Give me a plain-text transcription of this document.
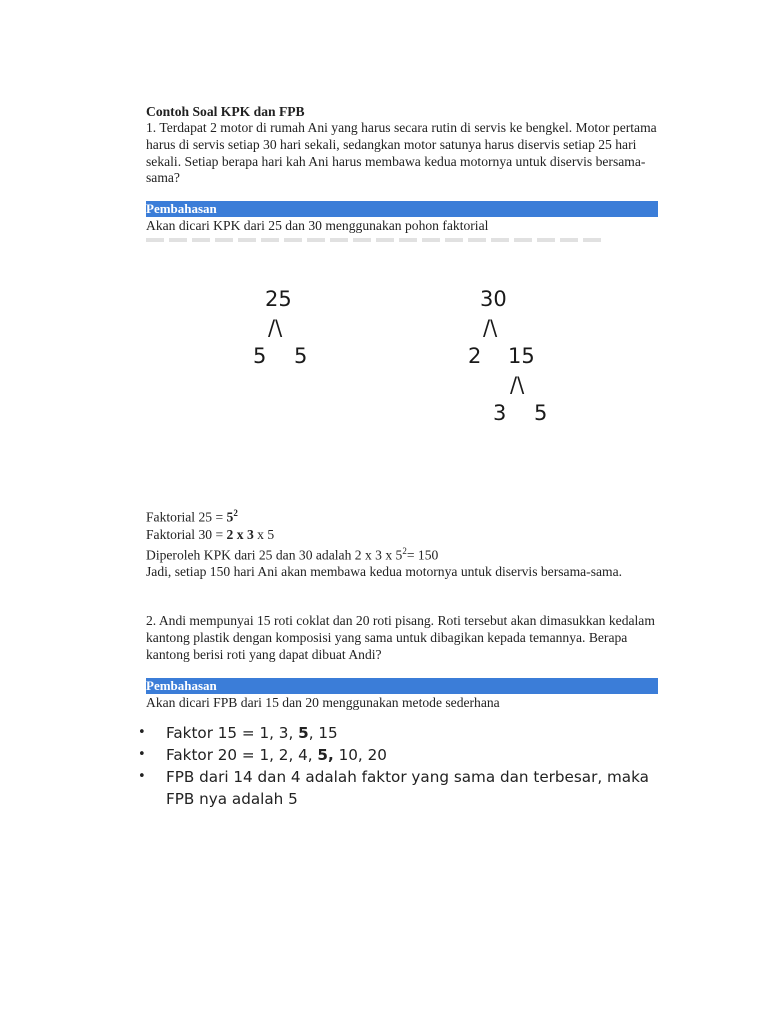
Contoh Soal KPK dan FPB

1. Terdapat 2 motor di rumah Ani yang harus secara rutin di servis ke bengkel. Motor pertama harus di servis setiap 30 hari sekali, sedangkan motor satunya harus diservis setiap 25 hari sekali. Setiap berapa hari kah Ani harus membawa kedua motornya untuk diservis bersama-sama?

Pembahasan

Akan dicari KPK dari 25 dan 30 menggunakan pohon faktorial

25
/\
5 5
30
/\
2 15
/\
3 5

Faktorial $25 = 5^2$

Faktorial 30 = 2 x 3 x 5

Diperoleh KPK dari 25 dan 30 adalah 2 x 3 x $5^2= 150$

Jadi, setiap 150 hari Ani akan membawa kedua motornya untuk diservis bersama-sama.

2. Andi mempunyai 15 roti coklat dan 20 roti pisang. Roti tersebut akan dimasukkan kedalam kantong plastik dengan komposisi yang sama untuk dibagikan kepada temannya. Berapa kantong berisi roti yang dapat dibuat Andi?

Pembahasan

Akan dicari FPB dari 15 dan 20 menggunakan metode sederhana

• Faktor 15 = 1, 3, 5, 15
• Faktor 20 = 1, 2, 4, 5, 10, 20
• FPB dari 14 dan 4 adalah faktor yang sama dan terbesar, maka FPB nya adalah 5
